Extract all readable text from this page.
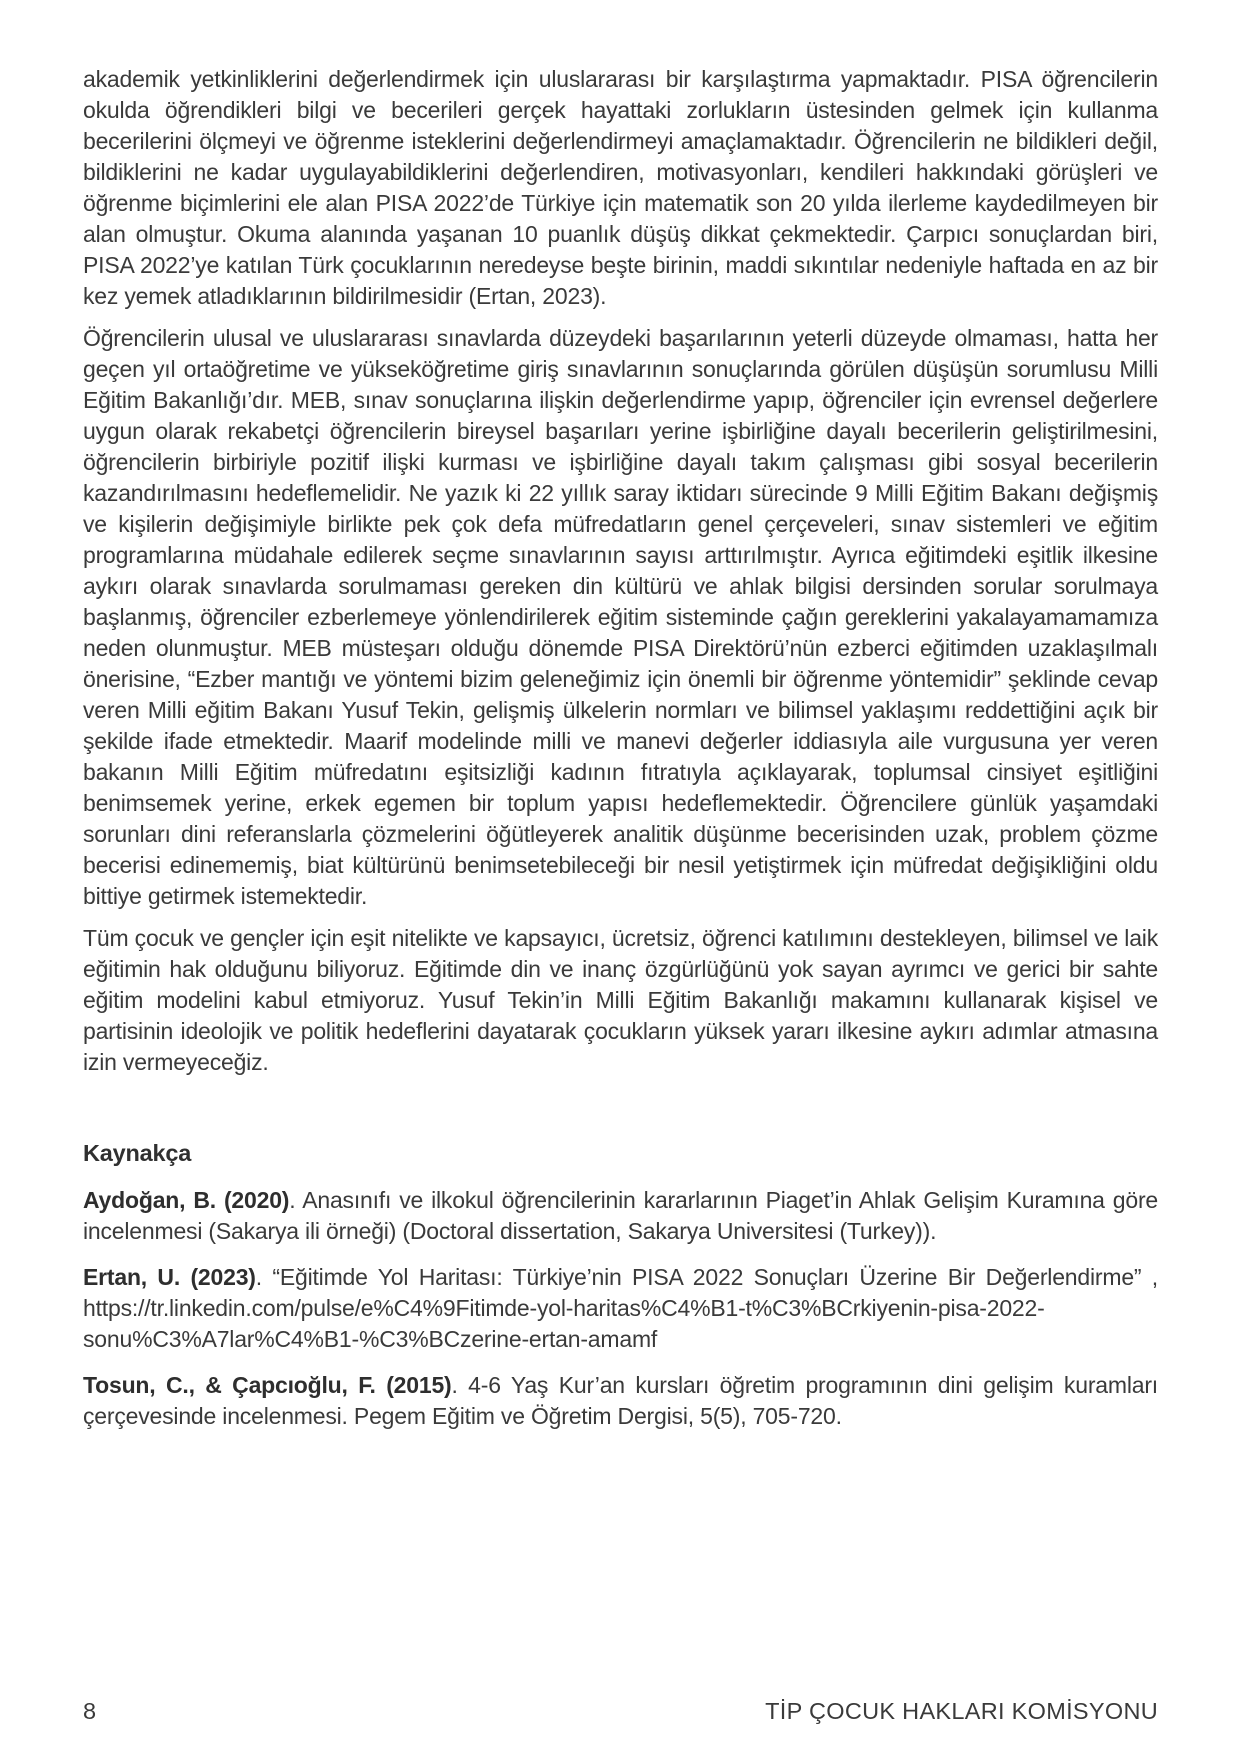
akademik yetkinliklerini değerlendirmek için uluslararası bir karşılaştırma yapmaktadır. PISA öğrencilerin okulda öğrendikleri bilgi ve becerileri gerçek hayattaki zorlukların üstesinden gelmek için kullanma becerilerini ölçmeyi ve öğrenme isteklerini değerlendirmeyi amaçlamaktadır. Öğrencilerin ne bildikleri değil, bildiklerini ne kadar uygulayabildiklerini değerlendiren, motivasyonları, kendileri hakkındaki görüşleri ve öğrenme biçimlerini ele alan PISA 2022’de Türkiye için matematik son 20 yılda ilerleme kaydedilmeyen bir alan olmuştur. Okuma alanında yaşanan 10 puanlık düşüş dikkat çekmektedir. Çarpıcı sonuçlardan biri, PISA 2022’ye katılan Türk çocuklarının neredeyse beşte birinin, maddi sıkıntılar nedeniyle haftada en az bir kez yemek atladıklarının bildirilmesidir (Ertan, 2023).

Öğrencilerin ulusal ve uluslararası sınavlarda düzeydeki başarılarının yeterli düzeyde olmaması, hatta her geçen yıl ortaöğretime ve yükseköğretime giriş sınavlarının sonuçlarında görülen düşüşün sorumlusu Milli Eğitim Bakanlığı’dır. MEB, sınav sonuçlarına ilişkin değerlendirme yapıp, öğrenciler için evrensel değerlere uygun olarak rekabetçi öğrencilerin bireysel başarıları yerine işbirliğine dayalı becerilerin geliştirilmesini, öğrencilerin birbiriyle pozitif ilişki kurması ve işbirliğine dayalı takım çalışması gibi sosyal becerilerin kazandırılmasını hedeflemelidir. Ne yazık ki 22 yıllık saray iktidarı sürecinde 9 Milli Eğitim Bakanı değişmiş ve kişilerin değişimiyle birlikte pek çok defa müfredatların genel çerçeveleri, sınav sistemleri ve eğitim programlarına müdahale edilerek seçme sınavlarının sayısı arttırılmıştır. Ayrıca eğitimdeki eşitlik ilkesine aykırı olarak sınavlarda sorulmaması gereken din kültürü ve ahlak bilgisi dersinden sorular sorulmaya başlanmış, öğrenciler ezberlemeye yönlendirilerek eğitim sisteminde çağın gereklerini yakalayamamamıza neden olunmuştur. MEB müsteşarı olduğu dönemde PISA Direktörü’nün ezberci eğitimden uzaklaşılmalı önerisine, “Ezber mantığı ve yöntemi bizim geleneğimiz için önemli bir öğrenme yöntemidir” şeklinde cevap veren Milli eğitim Bakanı Yusuf Tekin, gelişmiş ülkelerin normları ve bilimsel yaklaşımı reddettiğini açık bir şekilde ifade etmektedir. Maarif modelinde milli ve manevi değerler iddiasıyla aile vurgusuna yer veren bakanın Milli Eğitim müfredatını eşitsizliği kadının fıtratıyla açıklayarak, toplumsal cinsiyet eşitliğini benimsemek yerine, erkek egemen bir toplum yapısı hedeflemektedir. Öğrencilere günlük yaşamdaki sorunları dini referanslarla çözmelerini öğütleyerek analitik düşünme becerisinden uzak, problem çözme becerisi edinememiş, biat kültürünü benimsetebileceği bir nesil yetiştirmek için müfredat değişikliğini oldu bittiye getirmek istemektedir.

Tüm çocuk ve gençler için eşit nitelikte ve kapsayıcı, ücretsiz, öğrenci katılımını destekleyen, bilimsel ve laik eğitimin hak olduğunu biliyoruz. Eğitimde din ve inanç özgürlüğünü yok sayan ayrımcı ve gerici bir sahte eğitim modelini kabul etmiyoruz. Yusuf Tekin’in Milli Eğitim Bakanlığı makamını kullanarak kişisel ve partisinin ideolojik ve politik hedeflerini dayatarak çocukların yüksek yararı ilkesine aykırı adımlar atmasına izin vermeyeceğiz.

Kaynakça

Aydoğan, B. (2020). Anasınıfı ve ilkokul öğrencilerinin kararlarının Piaget’in Ahlak Gelişim Kuramına göre incelenmesi (Sakarya ili örneği) (Doctoral dissertation, Sakarya Universitesi (Turkey)).

Ertan, U. (2023). “Eğitimde Yol Haritası: Türkiye’nin PISA 2022 Sonuçları Üzerine Bir Değerlendirme” , https://tr.linkedin.com/pulse/e%C4%9Fitimde-yol-haritas%C4%B1-t%C3%BCrkiyenin-pisa-2022-sonu%C3%A7lar%C4%B1-%C3%BCzerine-ertan-amamf

Tosun, C., & Çapcıoğlu, F. (2015). 4-6 Yaş Kur’an kursları öğretim programının dini gelişim kuramları çerçevesinde incelenmesi. Pegem Eğitim ve Öğretim Dergisi, 5(5), 705-720.

8	TİP ÇOCUK HAKLARI KOMİSYONU
